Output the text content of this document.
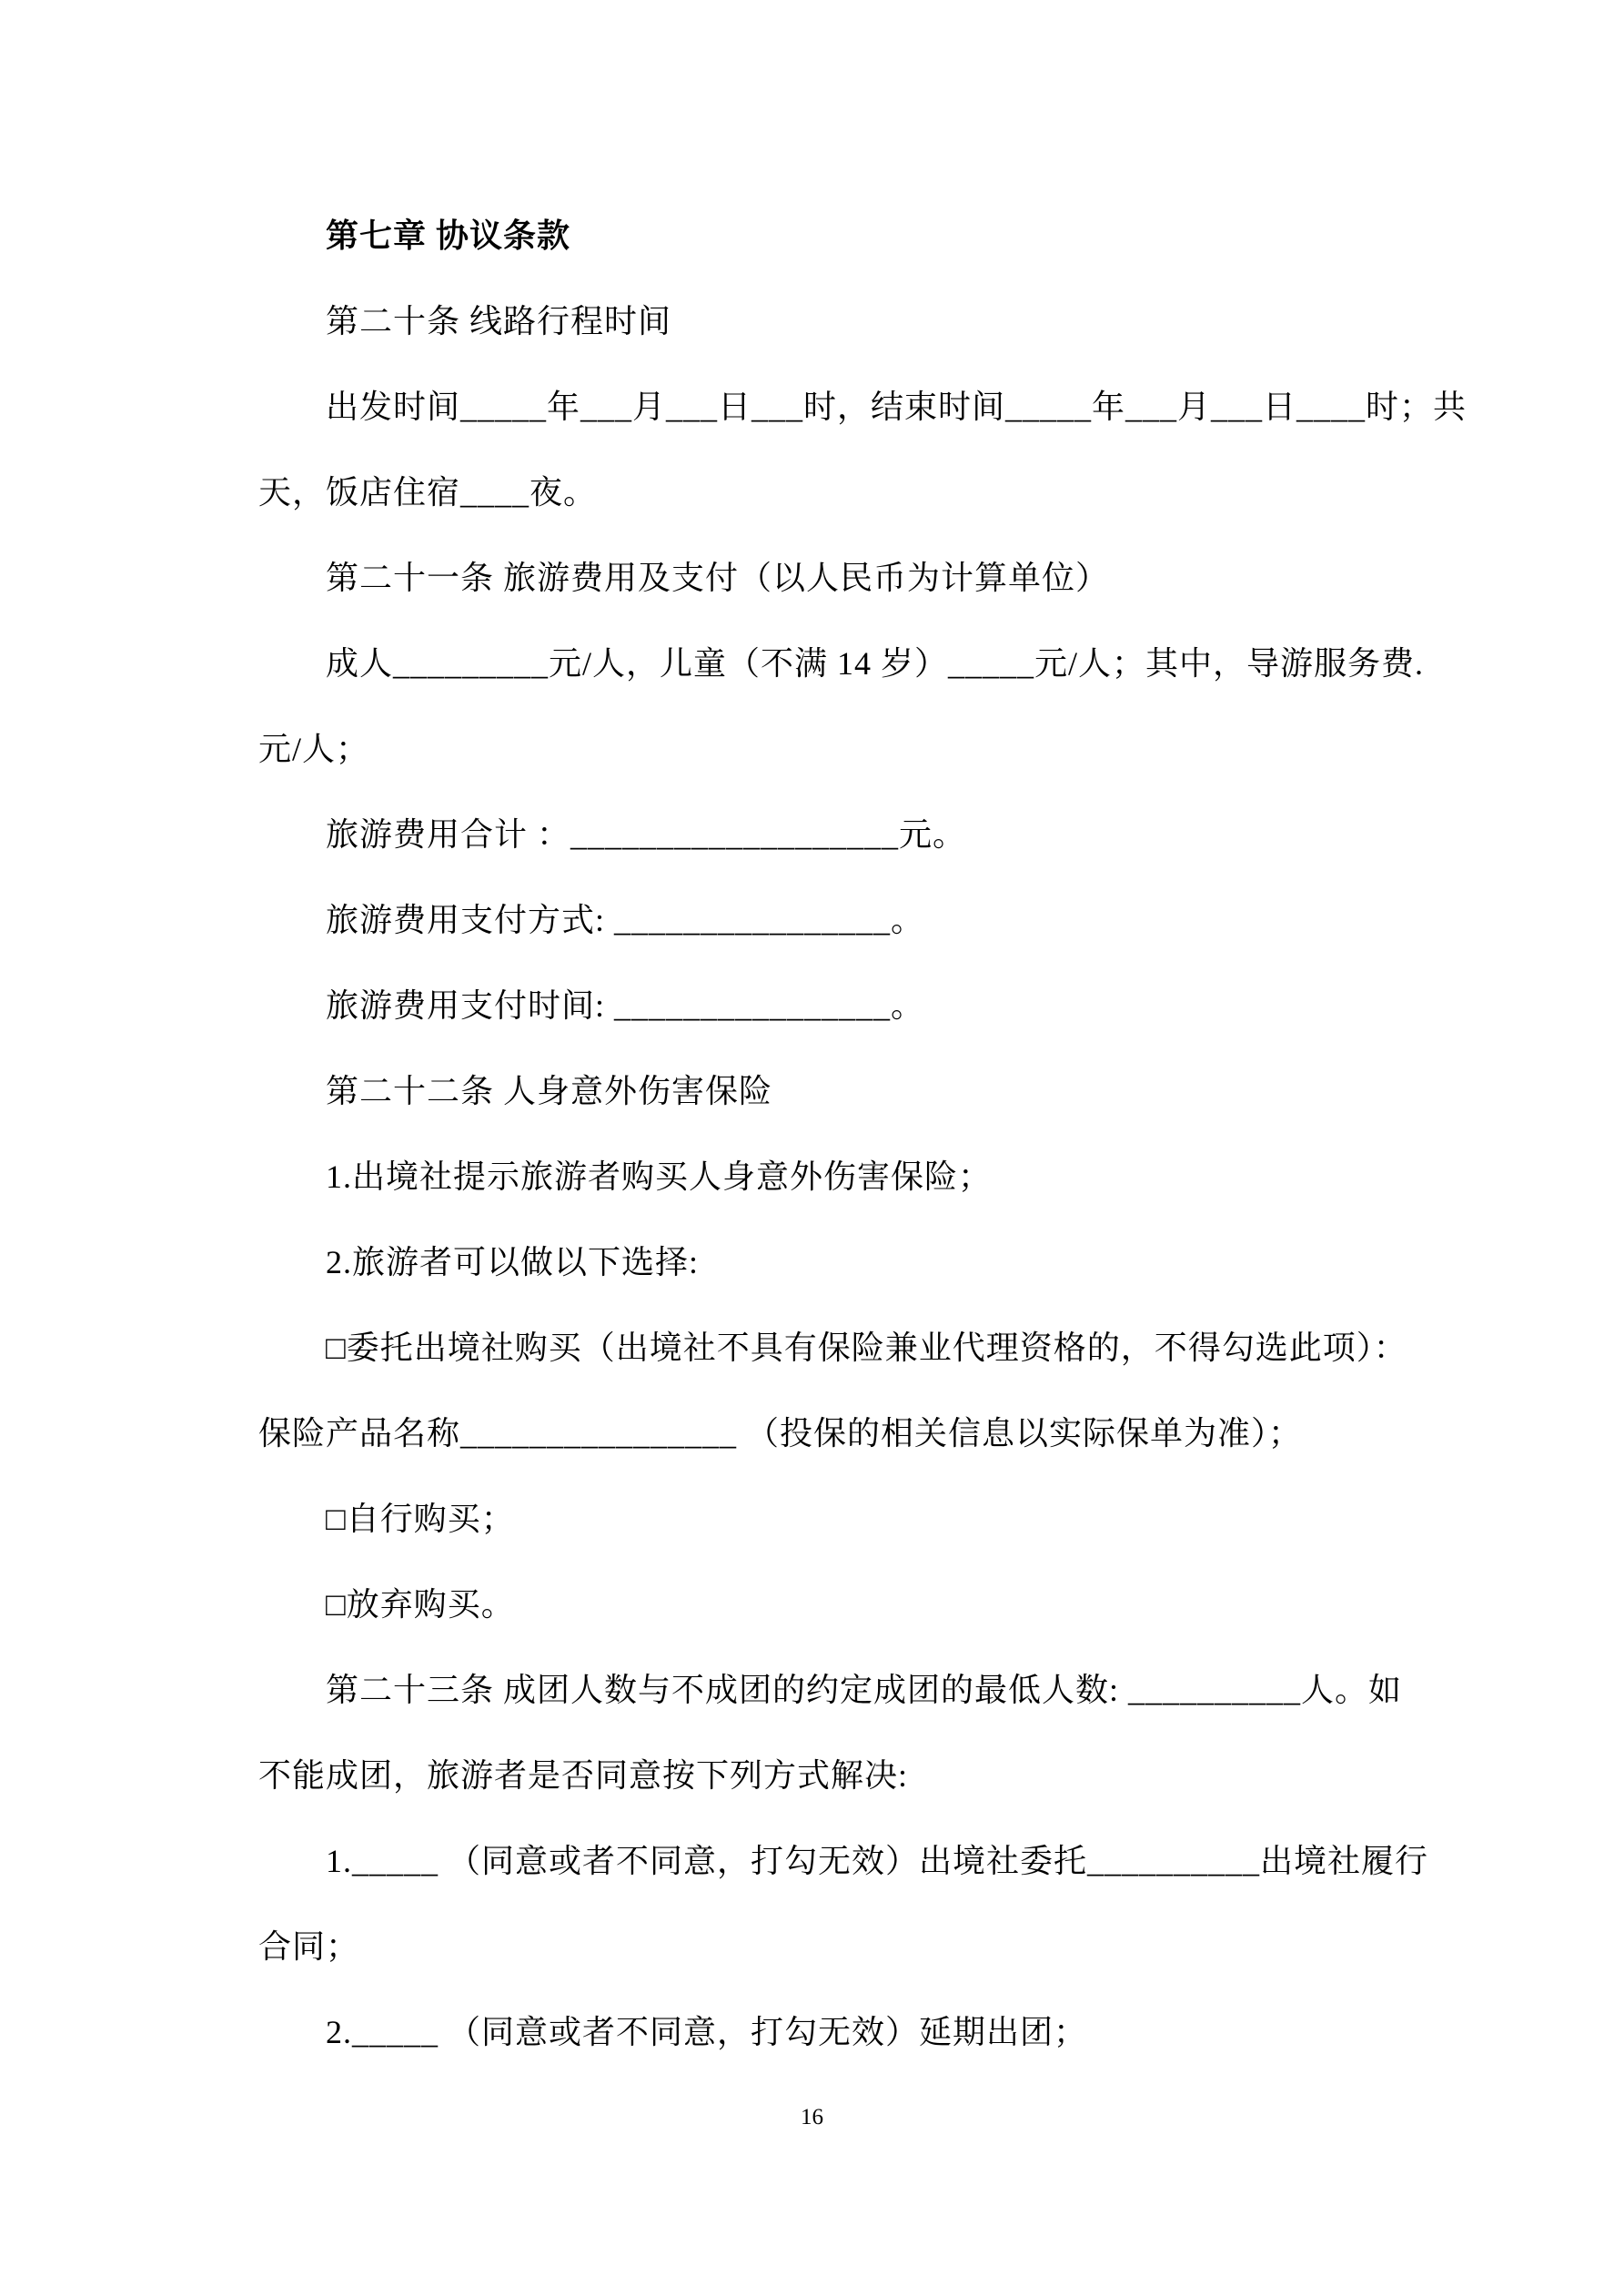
　　第七章 协议条款
　　第二十条 线路行程时间
　　出发时间_____年___月___日___时，结束时间_____年___月___日____时；共
天，饭店住宿____夜。
　　第二十一条 旅游费用及支付（以人民币为计算单位）
　　成人_________元/人，儿童（不满 14 岁）_____元/人；其中，导游服务费.
元/人；
　　旅游费用合计 ：___________________元。
　　旅游费用支付方式: ________________。
　　旅游费用支付时间: ________________。
　　第二十二条 人身意外伤害保险
　　1.出境社提示旅游者购买人身意外伤害保险；
　　2.旅游者可以做以下选择:
　　□委托出境社购买（出境社不具有保险兼业代理资格的，不得勾选此项）：
保险产品名称________________ （投保的相关信息以实际保单为准）；
　　□自行购买；
　　□放弃购买。
　　第二十三条 成团人数与不成团的约定成团的最低人数: __________人。如
不能成团，旅游者是否同意按下列方式解决:
　　1._____ （同意或者不同意，打勾无效）出境社委托__________出境社履行
合同；
　　2._____ （同意或者不同意，打勾无效）延期出团；
16
